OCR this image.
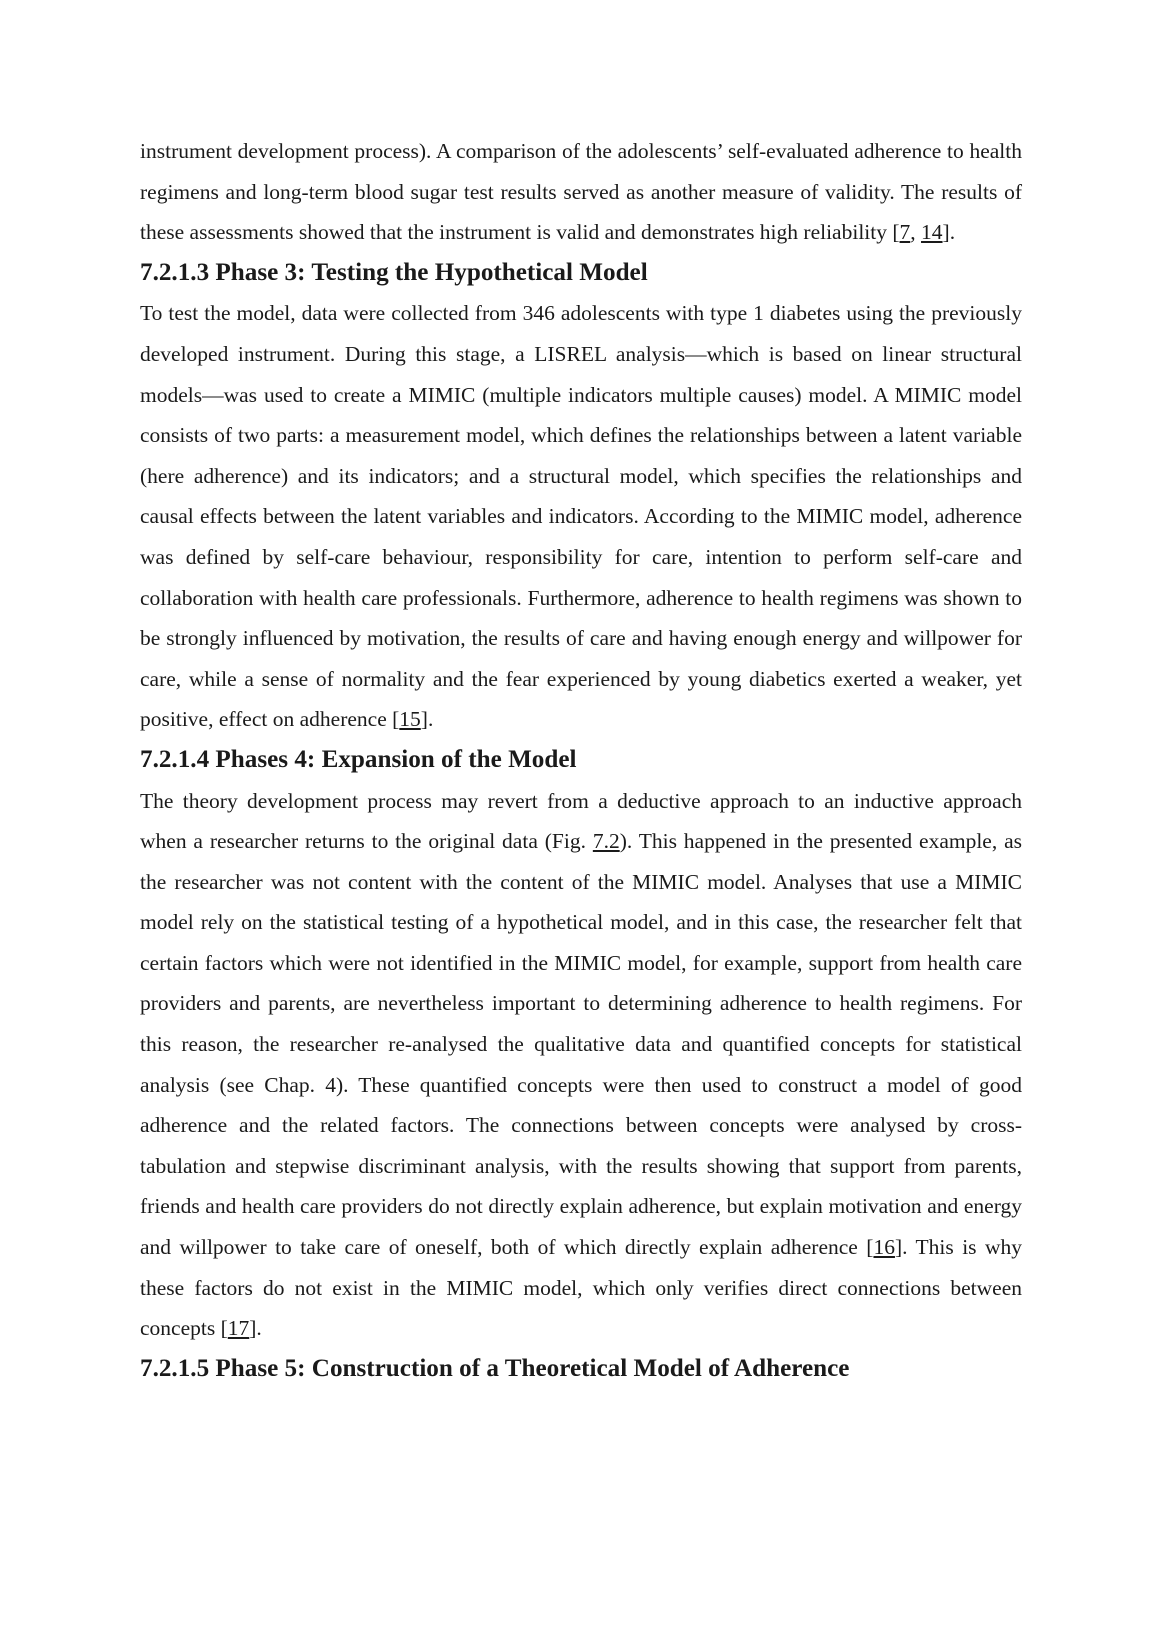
instrument development process). A comparison of the adolescents’ self-evaluated adherence to health regimens and long-term blood sugar test results served as another measure of validity. The results of these assessments showed that the instrument is valid and demonstrates high reliability [7, 14].

7.2.1.3 Phase 3: Testing the Hypothetical Model

To test the model, data were collected from 346 adolescents with type 1 diabetes using the previously developed instrument. During this stage, a LISREL analysis—which is based on linear structural models—was used to create a MIMIC (multiple indicators multiple causes) model. A MIMIC model consists of two parts: a measurement model, which defines the relationships between a latent variable (here adherence) and its indicators; and a structural model, which specifies the relationships and causal effects between the latent variables and indicators. According to the MIMIC model, adherence was defined by self-care behaviour, responsibility for care, intention to perform self-care and collaboration with health care professionals. Furthermore, adherence to health regimens was shown to be strongly influenced by motivation, the results of care and having enough energy and willpower for care, while a sense of normality and the fear experienced by young diabetics exerted a weaker, yet positive, effect on adherence [15].

7.2.1.4 Phases 4: Expansion of the Model

The theory development process may revert from a deductive approach to an inductive approach when a researcher returns to the original data (Fig. 7.2). This happened in the presented example, as the researcher was not content with the content of the MIMIC model. Analyses that use a MIMIC model rely on the statistical testing of a hypothetical model, and in this case, the researcher felt that certain factors which were not identified in the MIMIC model, for example, support from health care providers and parents, are nevertheless important to determining adherence to health regimens. For this reason, the researcher re-analysed the qualitative data and quantified concepts for statistical analysis (see Chap. 4). These quantified concepts were then used to construct a model of good adherence and the related factors. The connections between concepts were analysed by cross-tabulation and stepwise discriminant analysis, with the results showing that support from parents, friends and health care providers do not directly explain adherence, but explain motivation and energy and willpower to take care of oneself, both of which directly explain adherence [16]. This is why these factors do not exist in the MIMIC model, which only verifies direct connections between concepts [17].

7.2.1.5 Phase 5: Construction of a Theoretical Model of Adherence
